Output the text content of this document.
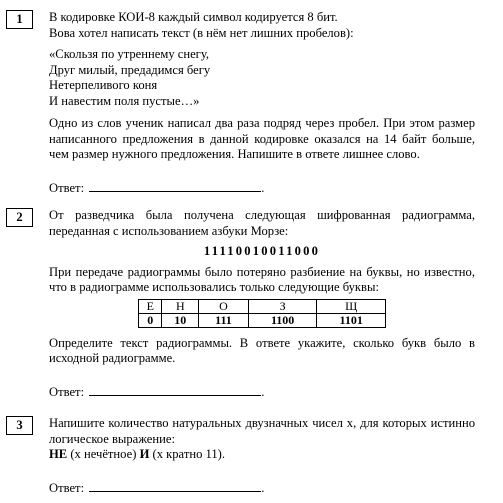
1	В кодировке КОИ-8 каждый символ кодируется 8 бит.

Вова хотел написать текст (в нём нет лишних пробелов):

«Скользя по утреннему снегу,

Друг милый, предадимся бегу

Нетерпеливого коня

И навестим поля пустые…»

Одно из слов ученик написал два раза подряд через пробел. При этом размер написанного предложения в данной кодировке оказался на 14 байт больше, чем размер нужного предложения. Напишите в ответе лишнее слово.

Ответ:	.
2	От разведчика была получена следующая шифрованная радиограмма, переданная с использованием азбуки Морзе:

11110010011000

При передаче радиограммы было потеряно разбиение на буквы, но известно, что в радиограмме использовались только следующие буквы:

Е	Н	О	З	Щ
0	10	111	1100	1101

Определите текст радиограммы. В ответе укажите, сколько букв было в исходной радиограмме.

Ответ:	.
3	Напишите количество натуральных двузначных чисел x, для которых истинно логическое выражение:

НЕ (x нечётное) И (x кратно 11).

Ответ:	.
